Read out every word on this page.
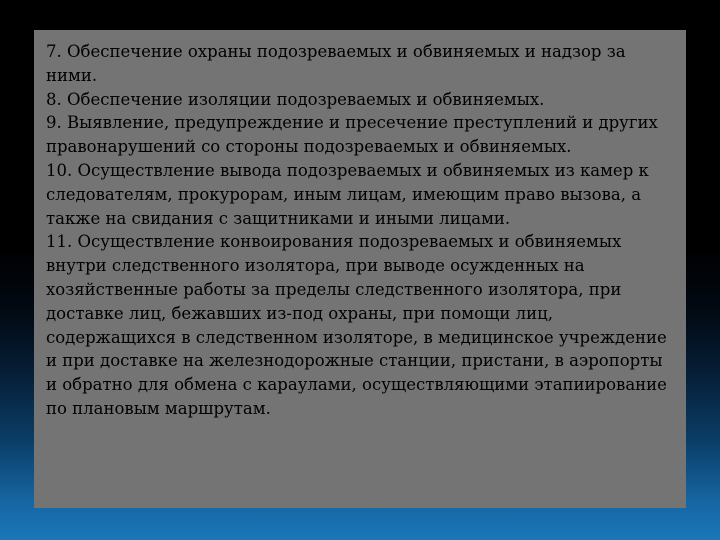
7. Обеспечение охраны подозреваемых и обвиняемых и надзор за ними.
8. Обеспечение изоляции подозреваемых и обвиняемых.
9. Выявление, предупреждение и пресечение преступлений и других правонарушений со стороны подозреваемых и обвиняемых.
10. Осуществление вывода подозреваемых и обвиняемых из камер к следователям, прокурорам, иным лицам, имеющим право вызова, а также на свидания с защитниками и иными лицами.
11. Осуществление конвоирования подозреваемых и обвиняемых внутри следственного изолятора, при выводе осужденных на хозяйственные работы за пределы следственного изолятора, при доставке лиц, бежавших из-под охраны, при помощи лиц, содержащихся в следственном изоляторе, в медицинское учреждение и при доставке на железнодорожные станции, пристани, в аэропорты и обратно для обмена с караулами, осуществляющими этапиирование по плановым маршрутам.
